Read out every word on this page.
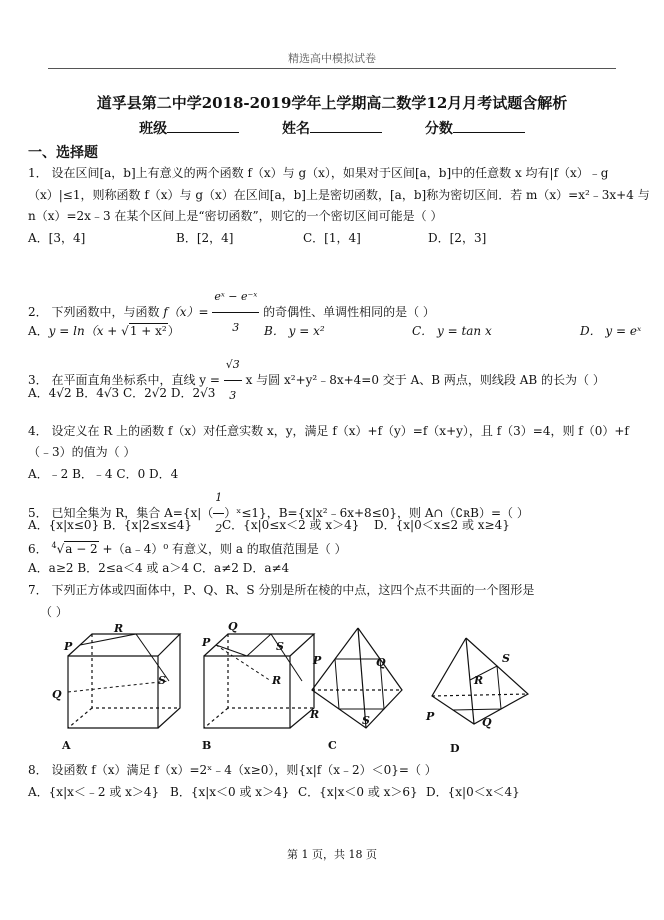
精选高中模拟试卷
道孚县第二中学2018-2019学年上学期高二数学12月月考试题含解析
班级	姓名	分数
一、选择题
1． 设在区间[a，b]上有意义的两个函数 f（x）与 g（x），如果对于区间[a，b]中的任意数 x 均有|f（x）﹣g
（x）|≤1，则称函数 f（x）与 g（x）在区间[a，b]上是密切函数，[a，b]称为密切区间．若 m（x）=x²﹣3x+4 与
n（x）=2x﹣3 在某个区间上是“密切函数”，则它的一个密切区间可能是（ ）
A．[3，4]	B．[2，4]	C．[1，4]	D．[2，3]
2． 下列函数中，与函数 $f(x)= \frac{\text{eˣ − e⁻ˣ}}{3}$ 的奇偶性、单调性相同的是（ ）
A．y = ln（x + √1 + x²）	B． y = x²	C． y = tan x	D． y = eˣ
3． 在平面直角坐标系中，直线 $y = \frac{√3}{3}$ x 与圆 x²+y²﹣8x+4=0 交于 A、B 两点，则线段 AB 的长为（ ）
A．4√2 B．4√3 C．2√2 D．2√3
4． 设定义在 R 上的函数 f（x）对任意实数 x，y，满足 f（x）+f（y）=f（x+y），且 f（3）=4，则 f（0）+f
（﹣3）的值为（ ）
A．﹣2 B．﹣4 C．0 D．4
5． 已知全集为 R，集合 $A=\{x|( \frac{1}{2}$ ）ˣ≤1}，B={x|x²﹣6x+8≤0}，则 A∩（∁ʀB）=（ ）
A．{x|x≤0} B．{x|2≤x≤4} C．{x|0≤x＜2 或 x＞4} D．{x|0＜x≤2 或 x≥4}
6． $^4$√a − 2 +（a﹣4）⁰ 有意义，则 a 的取值范围是（ ）
A．a≥2 B．2≤a＜4 或 a＞4 C．a≠2 D．a≠4
7． 下列正方体或四面体中，P、Q、R、S 分别是所在棱的中点，这四个点不共面的一个图形是
（ ）
P
R
Q
S
Q
P
R
S
P	Q
R	S
R
S
P	Q
A	B	C	D
8． 设函数 f（x）满足 f（x）=2ˣ﹣4（x≥0），则{x|f（x﹣2）＜0}=（ ）
A．{x|x＜﹣2 或 x＞4} B．{x|x＜0 或 x＞4} C．{x|x＜0 或 x＞6} D．{x|0＜x＜4}
第 1 页，共 18 页
